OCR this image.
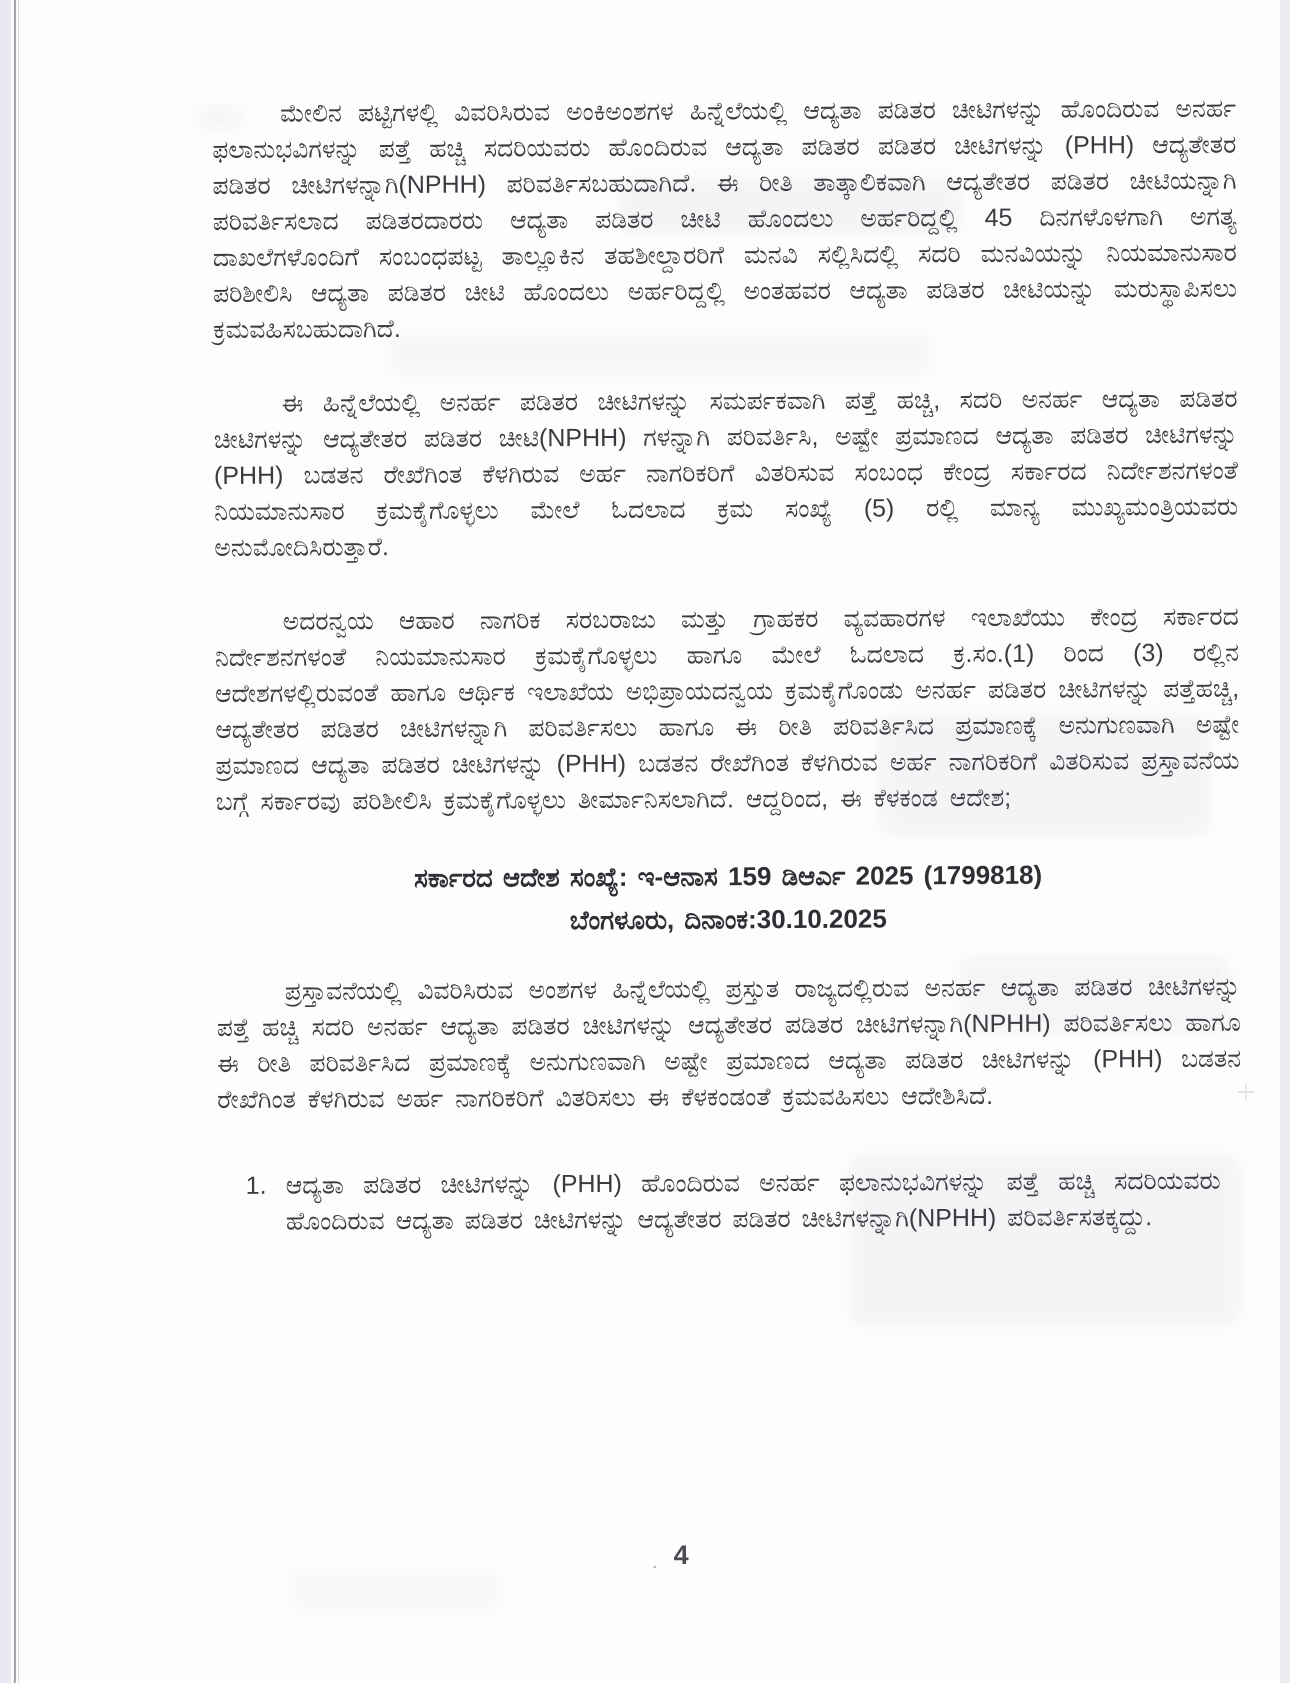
ಮೇಲಿನ ಪಟ್ಟಿಗಳಲ್ಲಿ ವಿವರಿಸಿರುವ ಅಂಕಿಅಂಶಗಳ ಹಿನ್ನೆಲೆಯಲ್ಲಿ ಆದ್ಯತಾ ಪಡಿತರ ಚೀಟಿಗಳನ್ನು ಹೊಂದಿರುವ ಅನರ್ಹ ಫಲಾನುಭವಿಗಳನ್ನು ಪತ್ತೆ ಹಚ್ಚಿ ಸದರಿಯವರು ಹೊಂದಿರುವ ಆದ್ಯತಾ ಪಡಿತರ ಪಡಿತರ ಚೀಟಿಗಳನ್ನು (PHH) ಆದ್ಯತೇತರ ಪಡಿತರ ಚೀಟಿಗಳನ್ನಾಗಿ(NPHH) ಪರಿವರ್ತಿಸಬಹುದಾಗಿದೆ. ಈ ರೀತಿ ತಾತ್ಕಾಲಿಕವಾಗಿ ಆದ್ಯತೇತರ ಪಡಿತರ ಚೀಟಿಯನ್ನಾಗಿ ಪರಿವರ್ತಿಸಲಾದ ಪಡಿತರದಾರರು ಆದ್ಯತಾ ಪಡಿತರ ಚೀಟಿ ಹೊಂದಲು ಅರ್ಹರಿದ್ದಲ್ಲಿ 45 ದಿನಗಳೊಳಗಾಗಿ ಅಗತ್ಯ ದಾಖಲೆಗಳೊಂದಿಗೆ ಸಂಬಂಧಪಟ್ಟ ತಾಲ್ಲೂಕಿನ ತಹಶೀಲ್ದಾರರಿಗೆ ಮನವಿ ಸಲ್ಲಿಸಿದಲ್ಲಿ ಸದರಿ ಮನವಿಯನ್ನು ನಿಯಮಾನುಸಾರ ಪರಿಶೀಲಿಸಿ ಆದ್ಯತಾ ಪಡಿತರ ಚೀಟಿ ಹೊಂದಲು ಅರ್ಹರಿದ್ದಲ್ಲಿ ಅಂತಹವರ ಆದ್ಯತಾ ಪಡಿತರ ಚೀಟಿಯನ್ನು ಮರುಸ್ಥಾಪಿಸಲು ಕ್ರಮವಹಿಸಬಹುದಾಗಿದೆ.

ಈ ಹಿನ್ನೆಲೆಯಲ್ಲಿ ಅನರ್ಹ ಪಡಿತರ ಚೀಟಿಗಳನ್ನು ಸಮರ್ಪಕವಾಗಿ ಪತ್ತೆ ಹಚ್ಚಿ, ಸದರಿ ಅನರ್ಹ ಆದ್ಯತಾ ಪಡಿತರ ಚೀಟಿಗಳನ್ನು ಆದ್ಯತೇತರ ಪಡಿತರ ಚೀಟಿ(NPHH) ಗಳನ್ನಾಗಿ ಪರಿವರ್ತಿಸಿ, ಅಷ್ಟೇ ಪ್ರಮಾಣದ ಆದ್ಯತಾ ಪಡಿತರ ಚೀಟಿಗಳನ್ನು (PHH) ಬಡತನ ರೇಖೆಗಿಂತ ಕೆಳಗಿರುವ ಅರ್ಹ ನಾಗರಿಕರಿಗೆ ವಿತರಿಸುವ ಸಂಬಂಧ ಕೇಂದ್ರ ಸರ್ಕಾರದ ನಿರ್ದೇಶನಗಳಂತೆ ನಿಯಮಾನುಸಾರ ಕ್ರಮಕೈಗೊಳ್ಳಲು ಮೇಲೆ ಓದಲಾದ ಕ್ರಮ ಸಂಖ್ಯೆ (5) ರಲ್ಲಿ ಮಾನ್ಯ ಮುಖ್ಯಮಂತ್ರಿಯವರು ಅನುಮೋದಿಸಿರುತ್ತಾರೆ.

ಅದರನ್ವಯ ಆಹಾರ ನಾಗರಿಕ ಸರಬರಾಜು ಮತ್ತು ಗ್ರಾಹಕರ ವ್ಯವಹಾರಗಳ ಇಲಾಖೆಯು ಕೇಂದ್ರ ಸರ್ಕಾರದ ನಿರ್ದೇಶನಗಳಂತೆ ನಿಯಮಾನುಸಾರ ಕ್ರಮಕೈಗೊಳ್ಳಲು ಹಾಗೂ ಮೇಲೆ ಓದಲಾದ ಕ್ರ.ಸಂ.(1) ರಿಂದ (3) ರಲ್ಲಿನ ಆದೇಶಗಳಲ್ಲಿರುವಂತೆ ಹಾಗೂ ಆರ್ಥಿಕ ಇಲಾಖೆಯ ಅಭಿಪ್ರಾಯದನ್ವಯ ಕ್ರಮಕೈಗೊಂಡು ಅನರ್ಹ ಪಡಿತರ ಚೀಟಿಗಳನ್ನು ಪತ್ತೆಹಚ್ಚಿ, ಆದ್ಯತೇತರ ಪಡಿತರ ಚೀಟಿಗಳನ್ನಾಗಿ ಪರಿವರ್ತಿಸಲು ಹಾಗೂ ಈ ರೀತಿ ಪರಿವರ್ತಿಸಿದ ಪ್ರಮಾಣಕ್ಕೆ ಅನುಗುಣವಾಗಿ ಅಷ್ಟೇ ಪ್ರಮಾಣದ ಆದ್ಯತಾ ಪಡಿತರ ಚೀಟಿಗಳನ್ನು (PHH) ಬಡತನ ರೇಖೆಗಿಂತ ಕೆಳಗಿರುವ ಅರ್ಹ ನಾಗರಿಕರಿಗೆ ವಿತರಿಸುವ ಪ್ರಸ್ತಾವನೆಯ ಬಗ್ಗೆ ಸರ್ಕಾರವು ಪರಿಶೀಲಿಸಿ ಕ್ರಮಕೈಗೊಳ್ಳಲು ತೀರ್ಮಾನಿಸಲಾಗಿದೆ. ಆದ್ದರಿಂದ, ಈ ಕೆಳಕಂಡ ಆದೇಶ;

ಸರ್ಕಾರದ ಆದೇಶ ಸಂಖ್ಯೆ: ಇ-ಆನಾಸ 159 ಡಿಆರ್ಎ 2025 (1799818)
ಬೆಂಗಳೂರು, ದಿನಾಂಕ:30.10.2025

ಪ್ರಸ್ತಾವನೆಯಲ್ಲಿ ವಿವರಿಸಿರುವ ಅಂಶಗಳ ಹಿನ್ನೆಲೆಯಲ್ಲಿ ಪ್ರಸ್ತುತ ರಾಜ್ಯದಲ್ಲಿರುವ ಅನರ್ಹ ಆದ್ಯತಾ ಪಡಿತರ ಚೀಟಿಗಳನ್ನು ಪತ್ತೆ ಹಚ್ಚಿ ಸದರಿ ಅನರ್ಹ ಆದ್ಯತಾ ಪಡಿತರ ಚೀಟಿಗಳನ್ನು ಆದ್ಯತೇತರ ಪಡಿತರ ಚೀಟಿಗಳನ್ನಾಗಿ(NPHH) ಪರಿವರ್ತಿಸಲು ಹಾಗೂ ಈ ರೀತಿ ಪರಿವರ್ತಿಸಿದ ಪ್ರಮಾಣಕ್ಕೆ ಅನುಗುಣವಾಗಿ ಅಷ್ಟೇ ಪ್ರಮಾಣದ ಆದ್ಯತಾ ಪಡಿತರ ಚೀಟಿಗಳನ್ನು (PHH) ಬಡತನ ರೇಖೆಗಿಂತ ಕೆಳಗಿರುವ ಅರ್ಹ ನಾಗರಿಕರಿಗೆ ವಿತರಿಸಲು ಈ ಕೆಳಕಂಡಂತೆ ಕ್ರಮವಹಿಸಲು ಆದೇಶಿಸಿದೆ.

1. ಆದ್ಯತಾ ಪಡಿತರ ಚೀಟಿಗಳನ್ನು (PHH) ಹೊಂದಿರುವ ಅನರ್ಹ ಫಲಾನುಭವಿಗಳನ್ನು ಪತ್ತೆ ಹಚ್ಚಿ ಸದರಿಯವರು ಹೊಂದಿರುವ ಆದ್ಯತಾ ಪಡಿತರ ಚೀಟಿಗಳನ್ನು ಆದ್ಯತೇತರ ಪಡಿತರ ಚೀಟಿಗಳನ್ನಾಗಿ(NPHH) ಪರಿವರ್ತಿಸತಕ್ಕದ್ದು.
. 4
